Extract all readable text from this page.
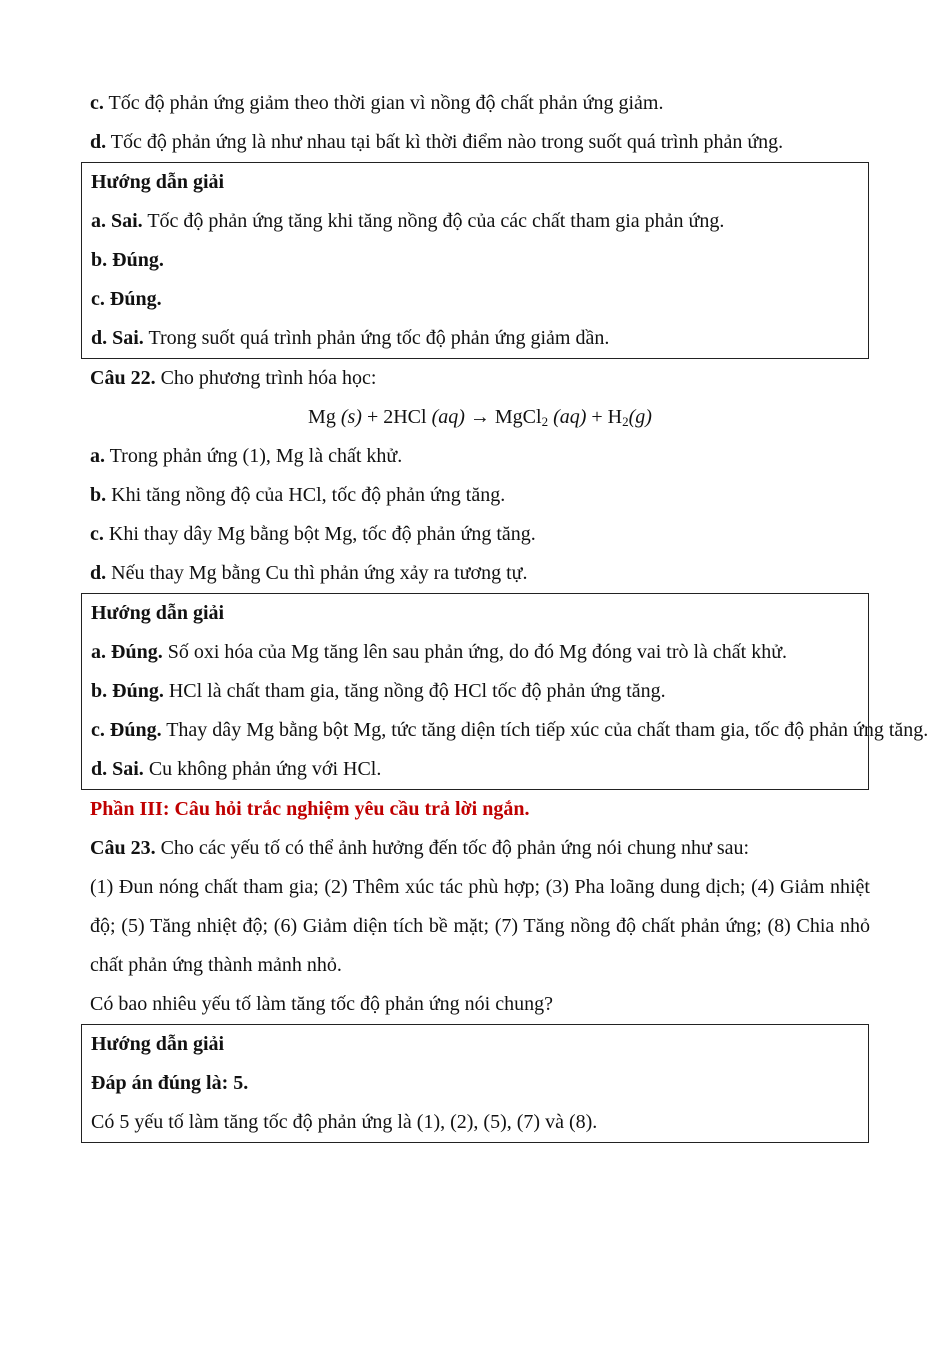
c. Tốc độ phản ứng giảm theo thời gian vì nồng độ chất phản ứng giảm.

d. Tốc độ phản ứng là như nhau tại bất kì thời điểm nào trong suốt quá trình phản ứng.

Hướng dẫn giải

a. Sai. Tốc độ phản ứng tăng khi tăng nồng độ của các chất tham gia phản ứng.

b. Đúng.

c. Đúng.

d. Sai. Trong suốt quá trình phản ứng tốc độ phản ứng giảm dần.

Câu 22. Cho phương trình hóa học:

Mg (s) + 2HCl (aq) → MgCl$_2$ $(aq) + H_2(g)$

a. Trong phản ứng (1), Mg là chất khử.

b. Khi tăng nồng độ của HCl, tốc độ phản ứng tăng.

c. Khi thay dây Mg bằng bột Mg, tốc độ phản ứng tăng.

d. Nếu thay Mg bằng Cu thì phản ứng xảy ra tương tự.

Hướng dẫn giải

a. Đúng. Số oxi hóa của Mg tăng lên sau phản ứng, do đó Mg đóng vai trò là chất khử.

b. Đúng. HCl là chất tham gia, tăng nồng độ HCl tốc độ phản ứng tăng.

c. Đúng. Thay dây Mg bằng bột Mg, tức tăng diện tích tiếp xúc của chất tham gia, tốc độ phản ứng tăng.

d. Sai. Cu không phản ứng với HCl.

Phần III: Câu hỏi trắc nghiệm yêu cầu trả lời ngắn.

Câu 23. Cho các yếu tố có thể ảnh hưởng đến tốc độ phản ứng nói chung như sau:

(1) Đun nóng chất tham gia; (2) Thêm xúc tác phù hợp; (3) Pha loãng dung dịch; (4) Giảm nhiệt độ; (5) Tăng nhiệt độ; (6) Giảm diện tích bề mặt; (7) Tăng nồng độ chất phản ứng; (8) Chia nhỏ chất phản ứng thành mảnh nhỏ.

Có bao nhiêu yếu tố làm tăng tốc độ phản ứng nói chung?

Hướng dẫn giải

Đáp án đúng là: 5.

Có 5 yếu tố làm tăng tốc độ phản ứng là (1), (2), (5), (7) và (8).
